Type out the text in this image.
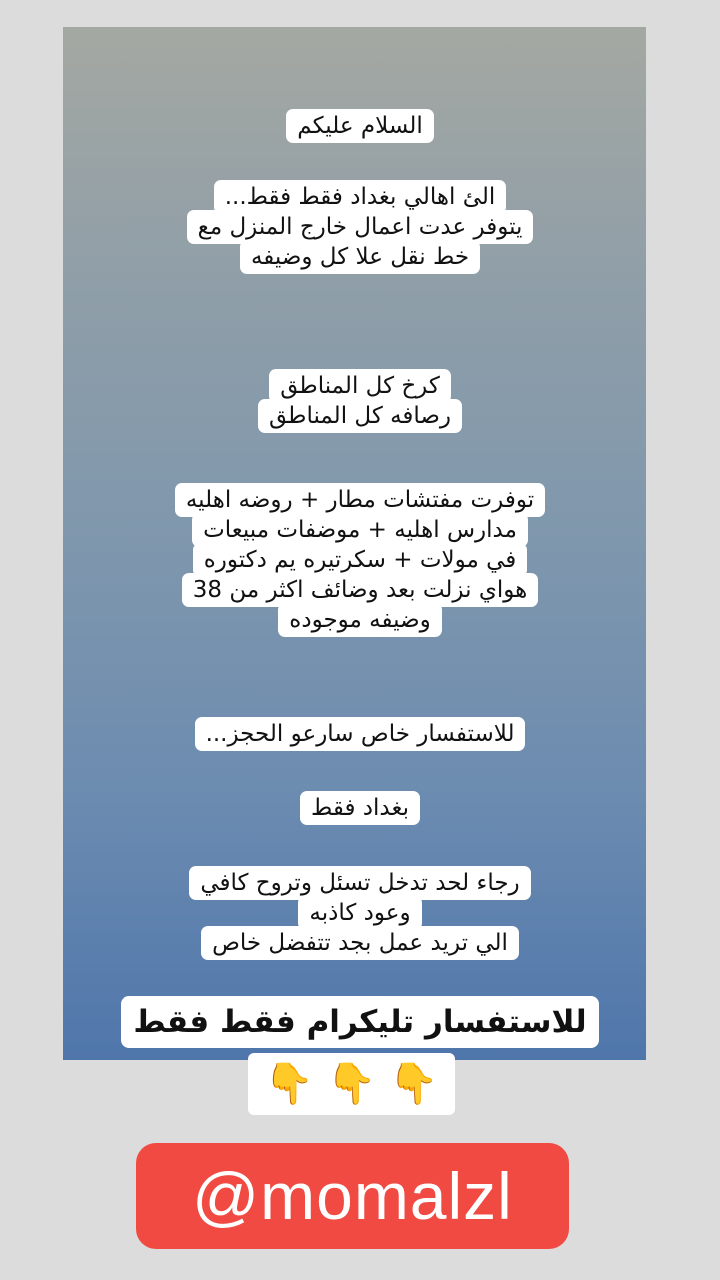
السلام عليكم
الئ اهالي بغداد فقط فقط...
يتوفر عدت اعمال خارج المنزل مع
خط نقل علا كل وضيفه
كرخ كل المناطق
رصافه كل المناطق
توفرت مفتشات مطار + روضه اهليه
مدارس اهليه + موضفات مبيعات
في مولات + سكرتيره يم دكتوره
هواي نزلت بعد وضائف اكثر من 38
وضيفه موجوده
للاستفسار خاص سارعو الحجز...
بغداد فقط
رجاء لحد تدخل تسئل وتروح كافي
وعود كاذبه
الي تريد عمل بجد تتفضل خاص
للاستفسار تليكرام فقط فقط
👇 👇 👇
@momalzl
